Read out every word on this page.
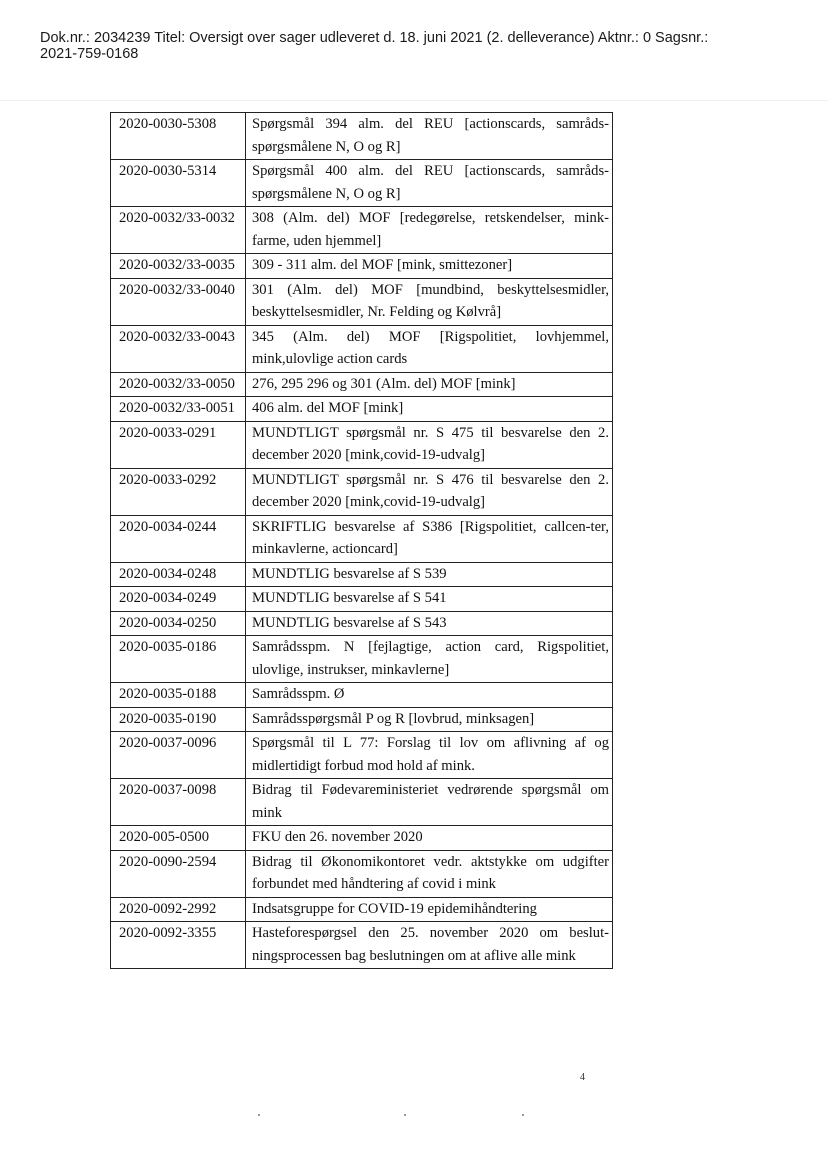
Dok.nr.: 2034239 Titel: Oversigt over sager udleveret d. 18. juni 2021 (2. delleverance) Aktnr.: 0 Sagsnr.:
2021-759-0168
2020-0030-5308	Spørgsmål 394 alm. del REU [actionscards, samråds-spørgsmålene N, O og R]
2020-0030-5314	Spørgsmål 400 alm. del REU [actionscards, samråds-spørgsmålene N, O og R]
2020-0032/33-0032	308 (Alm. del) MOF [redegørelse, retskendelser, mink-farme, uden hjemmel]
2020-0032/33-0035	309 - 311 alm. del MOF [mink, smittezoner]
2020-0032/33-0040	301 (Alm. del) MOF [mundbind, beskyttelsesmidler, beskyttelsesmidler, Nr. Felding og Kølvrå]
2020-0032/33-0043	345 (Alm. del) MOF [Rigspolitiet, lovhjemmel, mink,ulovlige action cards
2020-0032/33-0050	276, 295 296 og 301 (Alm. del) MOF [mink]
2020-0032/33-0051	406 alm. del MOF [mink]
2020-0033-0291	MUNDTLIGT spørgsmål nr. S 475 til besvarelse den 2. december 2020 [mink,covid-19-udvalg]
2020-0033-0292	MUNDTLIGT spørgsmål nr. S 476 til besvarelse den 2. december 2020 [mink,covid-19-udvalg]
2020-0034-0244	SKRIFTLIG besvarelse af S386 [Rigspolitiet, callcen-ter, minkavlerne, actioncard]
2020-0034-0248	MUNDTLIG besvarelse af S 539
2020-0034-0249	MUNDTLIG besvarelse af S 541
2020-0034-0250	MUNDTLIG besvarelse af S 543
2020-0035-0186	Samrådsspm. N [fejlagtige, action card, Rigspolitiet, ulovlige, instrukser, minkavlerne]
2020-0035-0188	Samrådsspm. Ø
2020-0035-0190	Samrådsspørgsmål P og R [lovbrud, minksagen]
2020-0037-0096	Spørgsmål til L 77: Forslag til lov om aflivning af og midlertidigt forbud mod hold af mink.
2020-0037-0098	Bidrag til Fødevareministeriet vedrørende spørgsmål om mink
2020-005-0500	FKU den 26. november 2020
2020-0090-2594	Bidrag til Økonomikontoret vedr. aktstykke om udgifter forbundet med håndtering af covid i mink
2020-0092-2992	Indsatsgruppe for COVID-19 epidemihåndtering
2020-0092-3355	Hasteforespørgsel den 25. november 2020 om beslut-ningsprocessen bag beslutningen om at aflive alle mink
4
